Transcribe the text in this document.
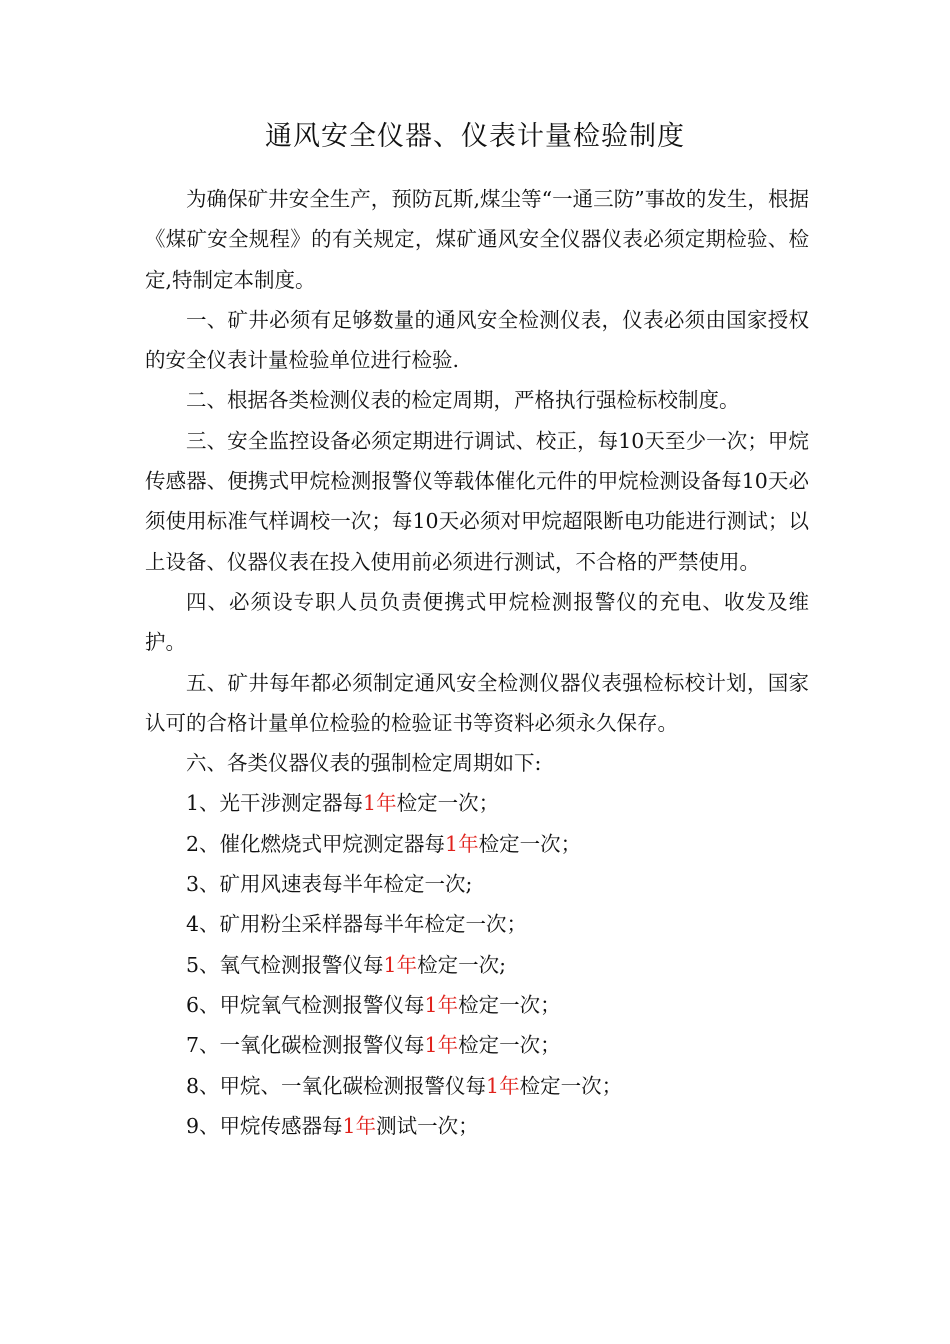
通风安全仪器、仪表计量检验制度

为确保矿井安全生产，预防瓦斯,煤尘等“一通三防”事故的发生，根据《煤矿安全规程》的有关规定，煤矿通风安全仪器仪表必须定期检验、检定,特制定本制度。

一、矿井必须有足够数量的通风安全检测仪表，仪表必须由国家授权的安全仪表计量检验单位进行检验.

二、根据各类检测仪表的检定周期，严格执行强检标校制度。

三、安全监控设备必须定期进行调试、校正，每10天至少一次；甲烷传感器、便携式甲烷检测报警仪等载体催化元件的甲烷检测设备每10天必须使用标准气样调校一次；每10天必须对甲烷超限断电功能进行测试；以上设备、仪器仪表在投入使用前必须进行测试，不合格的严禁使用。

四、必须设专职人员负责便携式甲烷检测报警仪的充电、收发及维护。

五、矿井每年都必须制定通风安全检测仪器仪表强检标校计划，国家认可的合格计量单位检验的检验证书等资料必须永久保存。

六、各类仪器仪表的强制检定周期如下:

1、光干涉测定器每1年检定一次；
2、催化燃烧式甲烷测定器每1年检定一次；
3、矿用风速表每半年检定一次;
4、矿用粉尘采样器每半年检定一次；
5、氧气检测报警仪每1年检定一次;
6、甲烷氧气检测报警仪每1年检定一次；
7、一氧化碳检测报警仪每1年检定一次；
8、甲烷、一氧化碳检测报警仪每1年检定一次；
9、甲烷传感器每1年测试一次；
